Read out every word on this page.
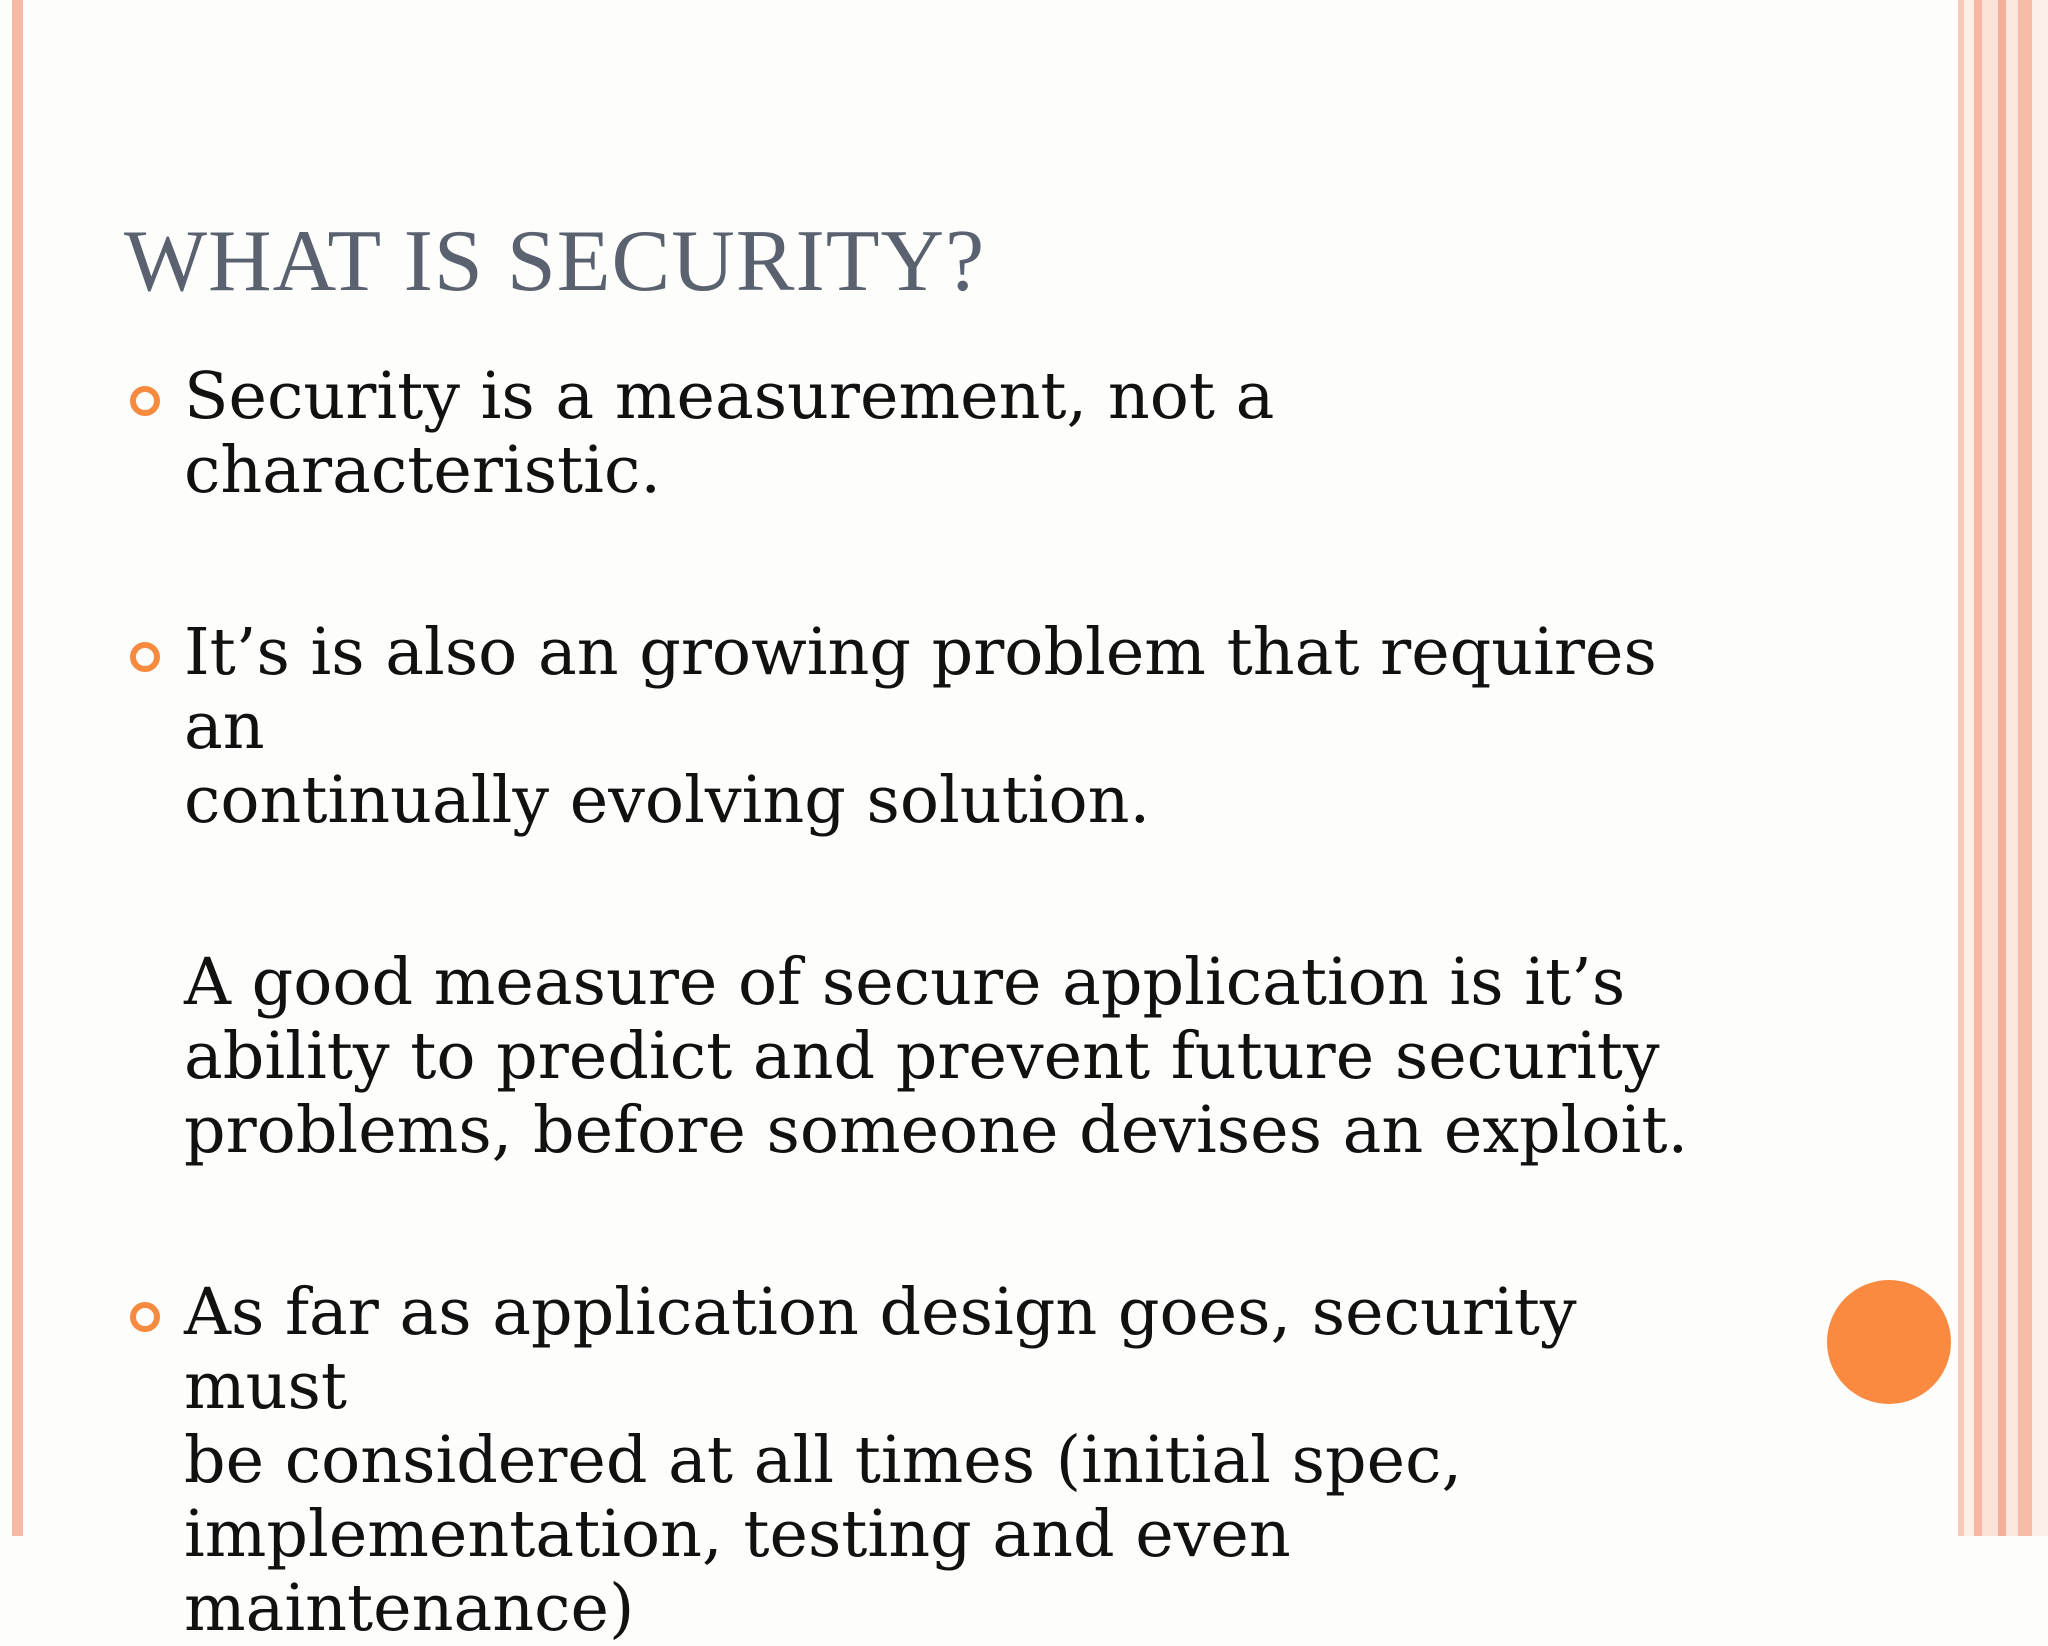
WHAT IS SECURITY?
Security is a measurement, not a characteristic.
It’s is also an growing problem that requires an
continually evolving solution.
A good measure of secure application is it’s
ability to predict and prevent future security
problems, before someone devises an exploit.
As far as application design goes, security must
be considered at all times (initial spec,
implementation, testing and even maintenance)
